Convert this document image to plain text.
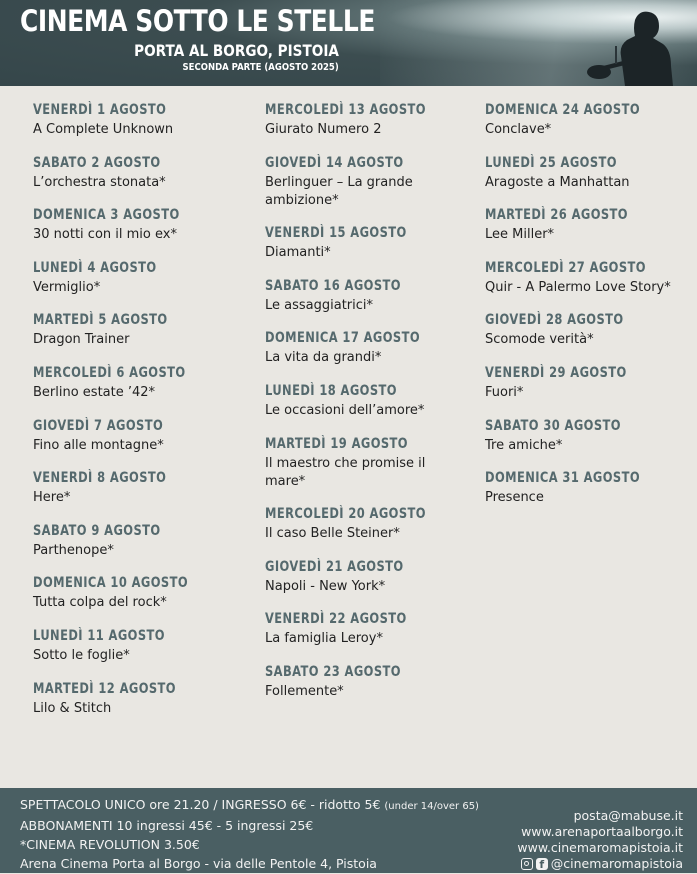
CINEMA SOTTO LE STELLE
PORTA AL BORGO, PISTOIA
SECONDA PARTE (AGOSTO 2025)
VENERDÌ 1 AGOSTO
A Complete Unknown
SABATO 2 AGOSTO
L’orchestra stonata*
DOMENICA 3 AGOSTO
30 notti con il mio ex*
LUNEDÌ 4 AGOSTO
Vermiglio*
MARTEDÌ 5 AGOSTO
Dragon Trainer
MERCOLEDÌ 6 AGOSTO
Berlino estate ’42*
GIOVEDÌ 7 AGOSTO
Fino alle montagne*
VENERDÌ 8 AGOSTO
Here*
SABATO 9 AGOSTO
Parthenope*
DOMENICA 10 AGOSTO
Tutta colpa del rock*
LUNEDÌ 11 AGOSTO
Sotto le foglie*
MARTEDÌ 12 AGOSTO
Lilo & Stitch
MERCOLEDÌ 13 AGOSTO
Giurato Numero 2
GIOVEDÌ 14 AGOSTO
Berlinguer – La grande
ambizione*
VENERDÌ 15 AGOSTO
Diamanti*
SABATO 16 AGOSTO
Le assaggiatrici*
DOMENICA 17 AGOSTO
La vita da grandi*
LUNEDÌ 18 AGOSTO
Le occasioni dell’amore*
MARTEDÌ 19 AGOSTO
Il maestro che promise il
mare*
MERCOLEDÌ 20 AGOSTO
Il caso Belle Steiner*
GIOVEDÌ 21 AGOSTO
Napoli - New York*
VENERDÌ 22 AGOSTO
La famiglia Leroy*
SABATO 23 AGOSTO
Follemente*
DOMENICA 24 AGOSTO
Conclave*
LUNEDÌ 25 AGOSTO
Aragoste a Manhattan
MARTEDÌ 26 AGOSTO
Lee Miller*
MERCOLEDÌ 27 AGOSTO
Quir - A Palermo Love Story*
GIOVEDÌ 28 AGOSTO
Scomode verità*
VENERDÌ 29 AGOSTO
Fuori*
SABATO 30 AGOSTO
Tre amiche*
DOMENICA 31 AGOSTO
Presence
SPETTACOLO UNICO ore 21.20 / INGRESSO 6€ - ridotto 5€ (under 14/over 65)
ABBONAMENTI 10 ingressi 45€ - 5 ingressi 25€
*CINEMA REVOLUTION 3.50€
Arena Cinema Porta al Borgo - via delle Pentole 4, Pistoia
posta@mabuse.it
www.arenaportaalborgo.it
www.cinemaromapistoia.it
f @cinemaromapistoia
